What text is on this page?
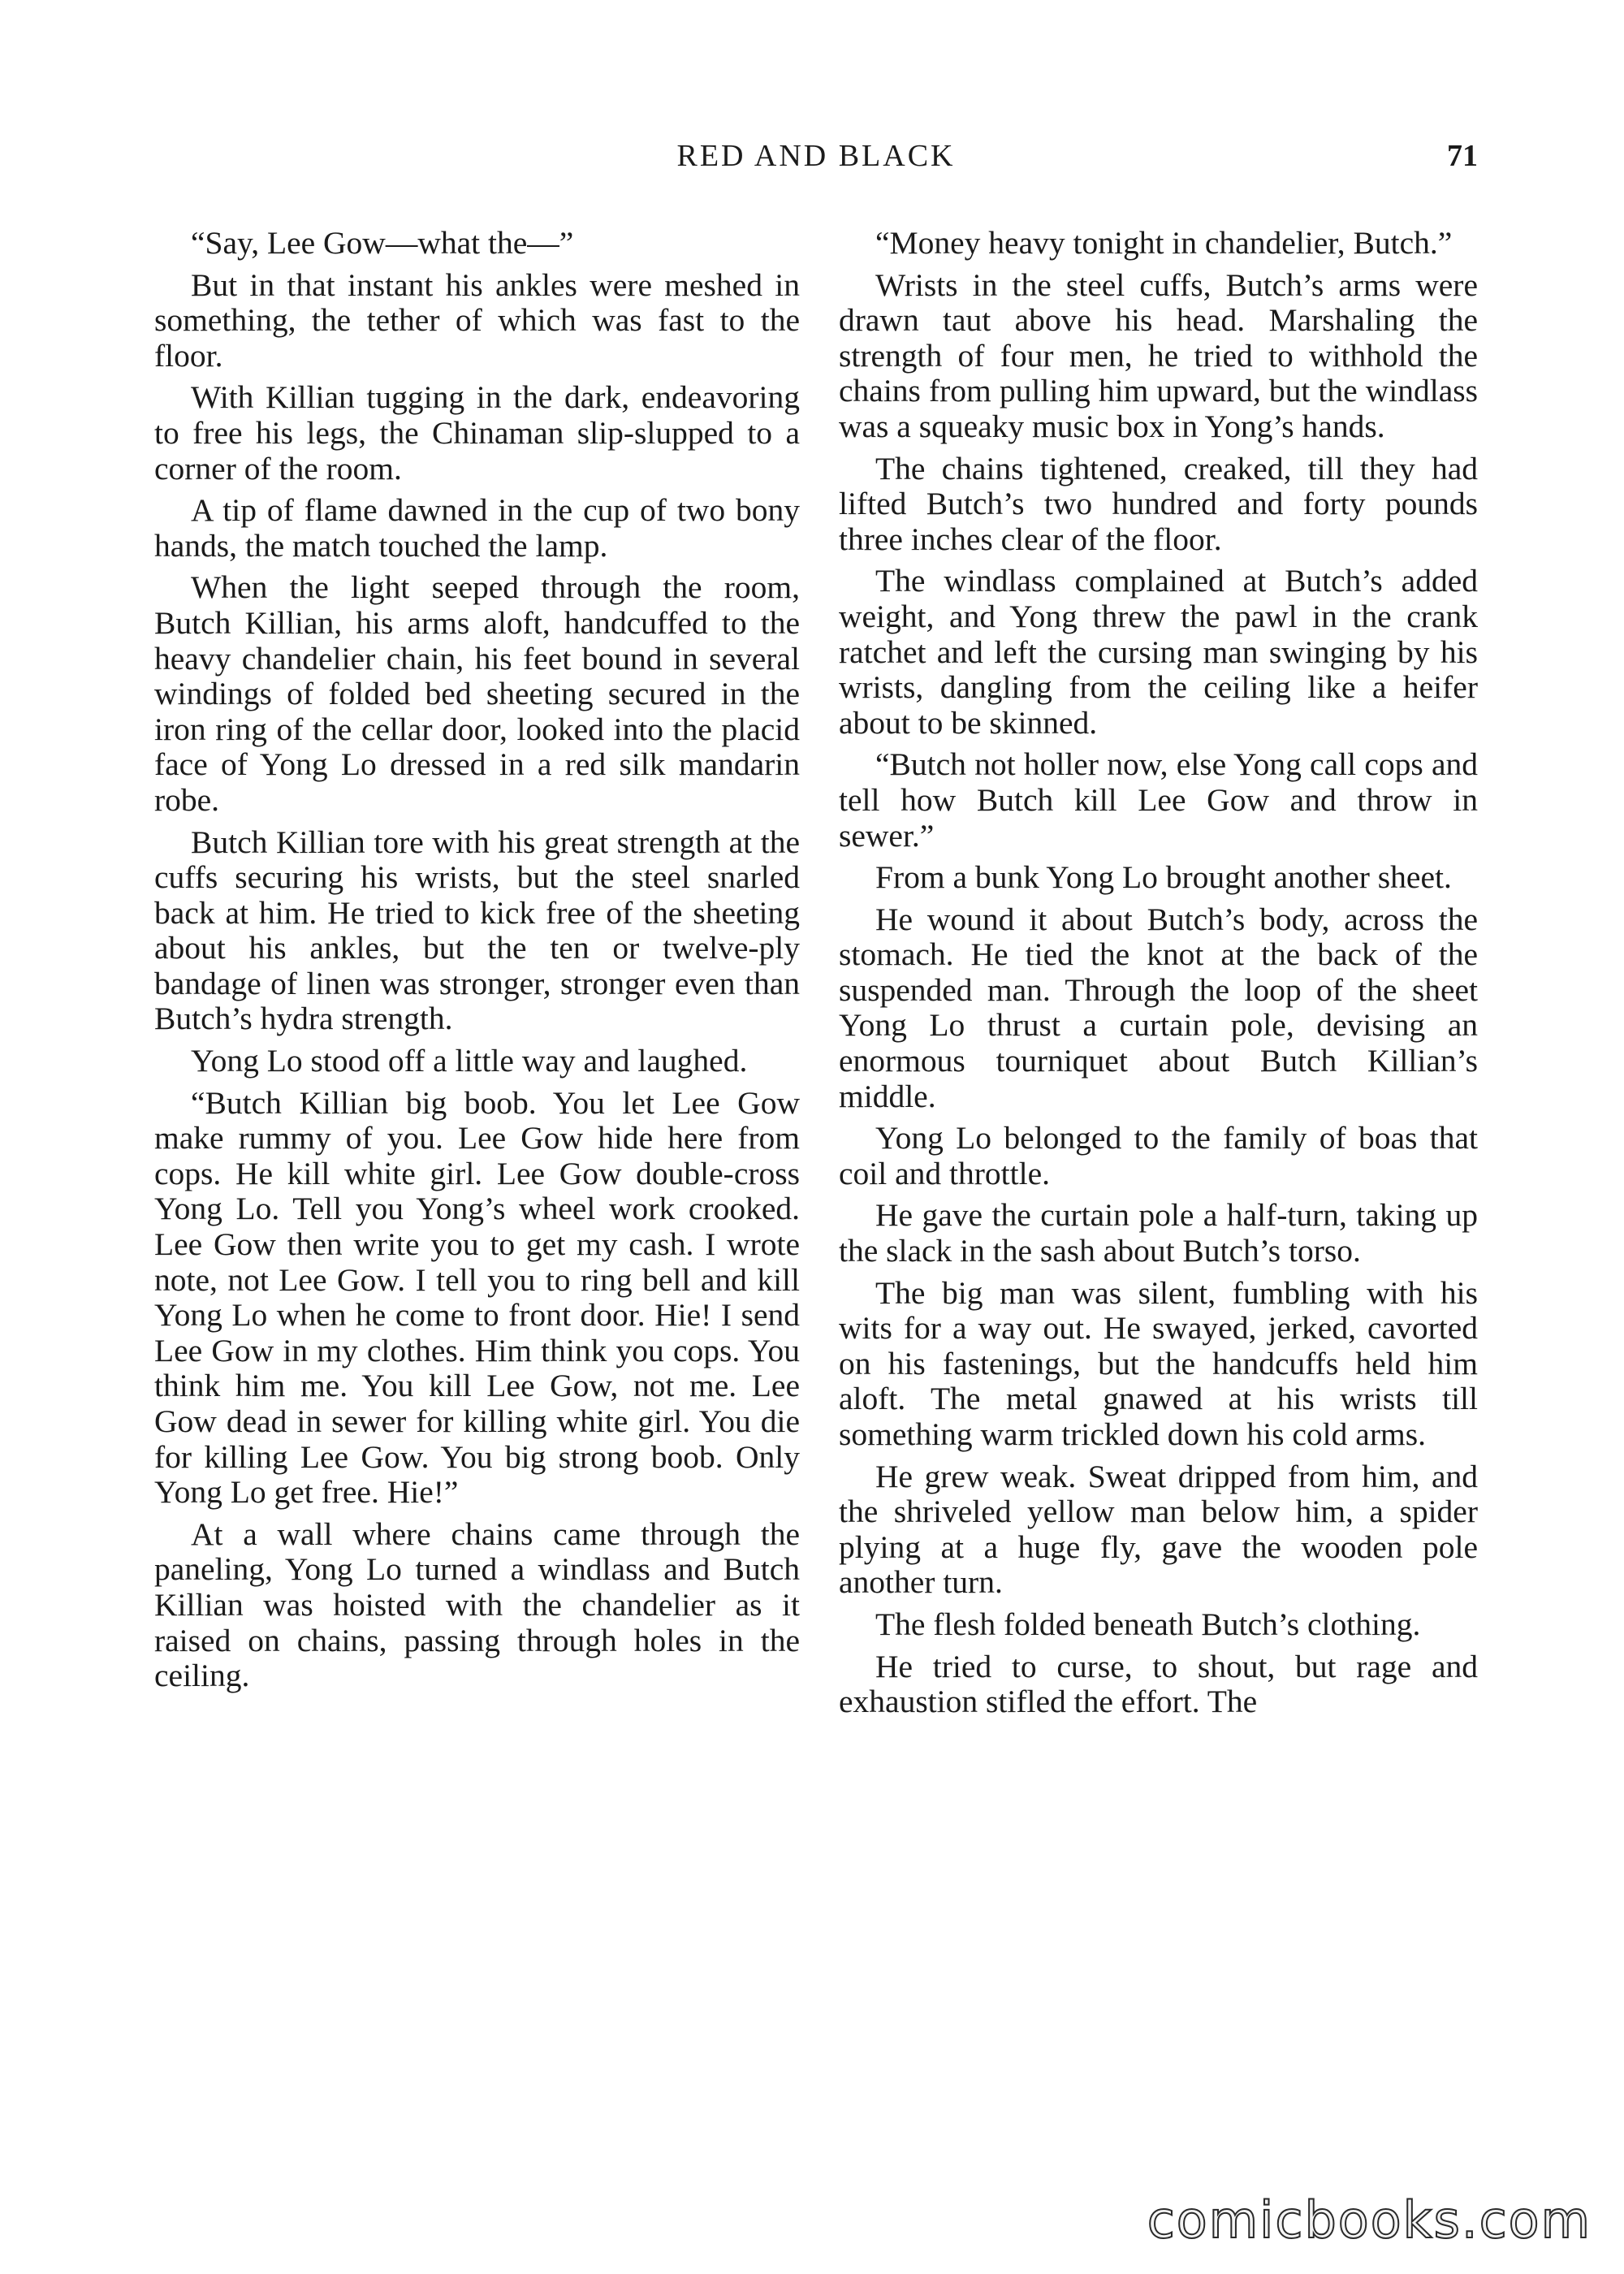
RED AND BLACK	71

“Say, Lee Gow—what the—”

But in that instant his ankles were meshed in something, the tether of which was fast to the floor.

With Killian tugging in the dark, endeavoring to free his legs, the Chinaman slip-slupped to a corner of the room.

A tip of flame dawned in the cup of two bony hands, the match touched the lamp.

When the light seeped through the room, Butch Killian, his arms aloft, handcuffed to the heavy chandelier chain, his feet bound in several windings of folded bed sheeting secured in the iron ring of the cellar door, looked into the placid face of Yong Lo dressed in a red silk mandarin robe.

Butch Killian tore with his great strength at the cuffs securing his wrists, but the steel snarled back at him. He tried to kick free of the sheeting about his ankles, but the ten or twelve-ply bandage of linen was stronger, stronger even than Butch’s hydra strength.

Yong Lo stood off a little way and laughed.

“Butch Killian big boob. You let Lee Gow make rummy of you. Lee Gow hide here from cops. He kill white girl. Lee Gow double-cross Yong Lo. Tell you Yong’s wheel work crooked. Lee Gow then write you to get my cash. I wrote note, not Lee Gow. I tell you to ring bell and kill Yong Lo when he come to front door. Hie! I send Lee Gow in my clothes. Him think you cops. You think him me. You kill Lee Gow, not me. Lee Gow dead in sewer for killing white girl. You die for killing Lee Gow. You big strong boob. Only Yong Lo get free. Hie!”

At a wall where chains came through the paneling, Yong Lo turned a windlass and Butch Killian was hoisted with the chandelier as it raised on chains, passing through holes in the ceiling.

“Money heavy tonight in chandelier, Butch.”

Wrists in the steel cuffs, Butch’s arms were drawn taut above his head. Marshaling the strength of four men, he tried to withhold the chains from pulling him upward, but the windlass was a squeaky music box in Yong’s hands.

The chains tightened, creaked, till they had lifted Butch’s two hundred and forty pounds three inches clear of the floor.

The windlass complained at Butch’s added weight, and Yong threw the pawl in the crank ratchet and left the cursing man swinging by his wrists, dangling from the ceiling like a heifer about to be skinned.

“Butch not holler now, else Yong call cops and tell how Butch kill Lee Gow and throw in sewer.”

From a bunk Yong Lo brought another sheet.

He wound it about Butch’s body, across the stomach. He tied the knot at the back of the suspended man. Through the loop of the sheet Yong Lo thrust a curtain pole, devising an enormous tourniquet about Butch Killian’s middle.

Yong Lo belonged to the family of boas that coil and throttle.

He gave the curtain pole a half-turn, taking up the slack in the sash about Butch’s torso.

The big man was silent, fumbling with his wits for a way out. He swayed, jerked, cavorted on his fastenings, but the handcuffs held him aloft. The metal gnawed at his wrists till something warm trickled down his cold arms.

He grew weak. Sweat dripped from him, and the shriveled yellow man below him, a spider plying at a huge fly, gave the wooden pole another turn.

The flesh folded beneath Butch’s clothing.

He tried to curse, to shout, but rage and exhaustion stifled the effort. The

comicbooks.com
